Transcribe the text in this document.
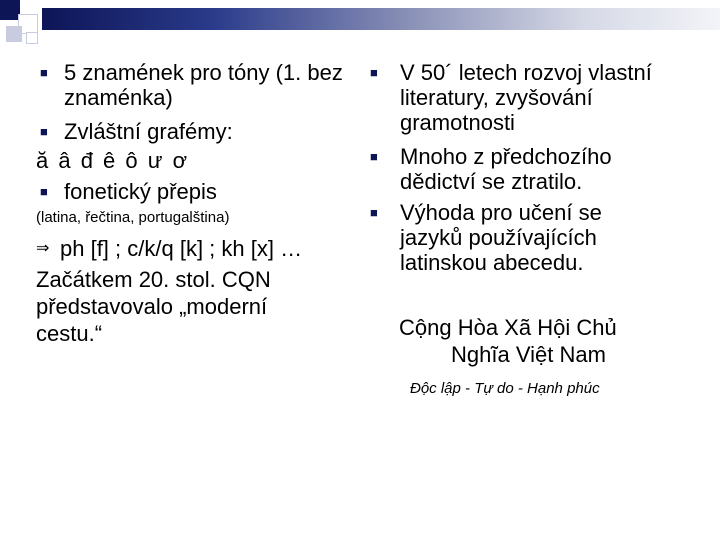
■ 5 znamének pro tóny (1. bez znaménka)
■ Zvláštní grafémy:
ă â đ ê ô ư ơ
■ fonetický přepis
(latina, řečtina, portugalština)
⇒ ph [f] ; c/k/q [k] ; kh [x] …
Začátkem 20. stol. CQN představovalo „moderní cestu.“
■ V 50´ letech rozvoj vlastní literatury, zvyšování gramotnosti
■ Mnoho z předchozího dědictví se ztratilo.
■ Výhoda pro učení se jazyků používajících latinskou abecedu.
Cộng Hòa Xã Hội Chủ
Nghĩa Việt Nam
Độc lập - Tự do - Hạnh phúc
